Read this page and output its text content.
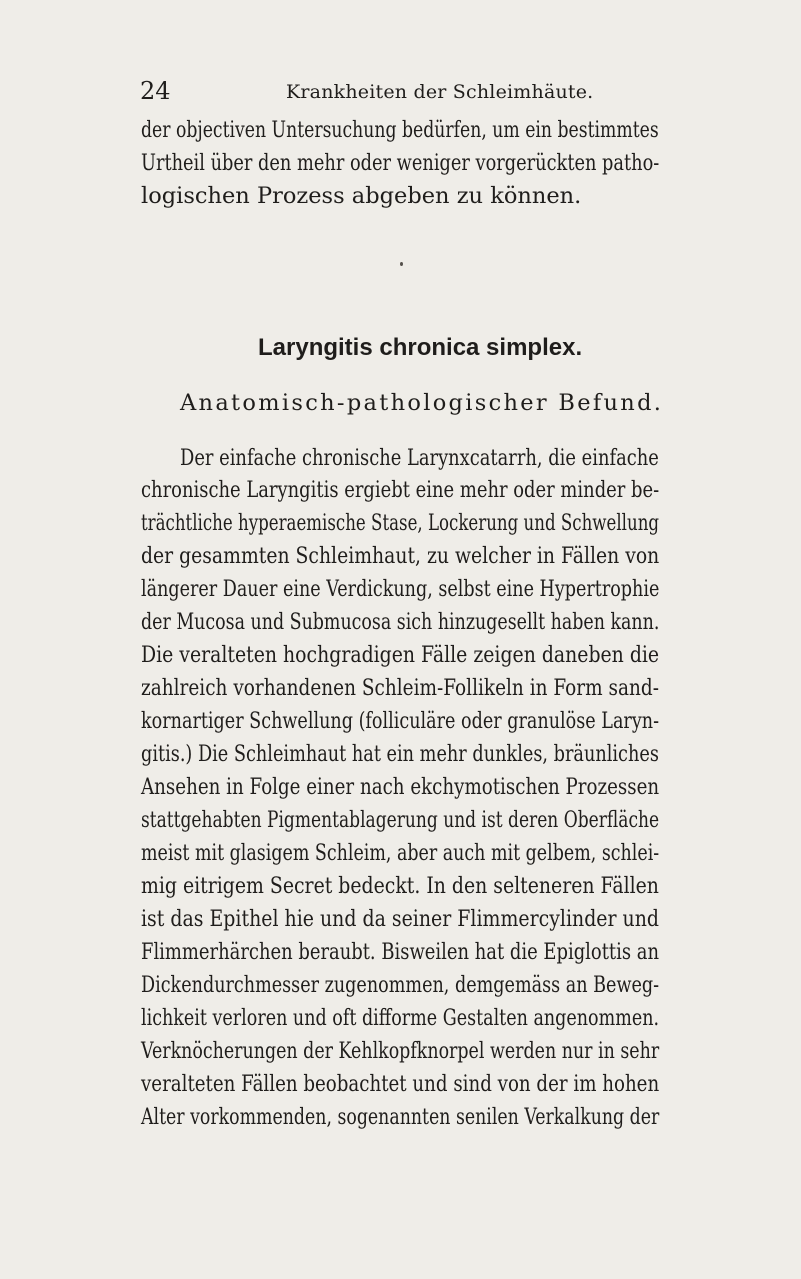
24	Krankheiten der Schleimhäute.
der objectiven Untersuchung bedürfen, um ein bestimmtes
Urtheil über den mehr oder weniger vorgerückten patho-
logischen Prozess abgeben zu können.
Laryngitis chronica simplex.
Anatomisch-pathologischer Befund.
Der einfache chronische Larynxcatarrh, die einfache
chronische Laryngitis ergiebt eine mehr oder minder be-
trächtliche hyperaemische Stase, Lockerung und Schwellung
der gesammten Schleimhaut, zu welcher in Fällen von
längerer Dauer eine Verdickung, selbst eine Hypertrophie
der Mucosa und Submucosa sich hinzugesellt haben kann.
Die veralteten hochgradigen Fälle zeigen daneben die
zahlreich vorhandenen Schleim-Follikeln in Form sand-
kornartiger Schwellung (folliculäre oder granulöse Laryn-
gitis.) Die Schleimhaut hat ein mehr dunkles, bräunliches
Ansehen in Folge einer nach ekchymotischen Prozessen
stattgehabten Pigmentablagerung und ist deren Oberfläche
meist mit glasigem Schleim, aber auch mit gelbem, schlei-
mig eitrigem Secret bedeckt. In den selteneren Fällen
ist das Epithel hie und da seiner Flimmercylinder und
Flimmerhärchen beraubt. Bisweilen hat die Epiglottis an
Dickendurchmesser zugenommen, demgemäss an Beweg-
lichkeit verloren und oft difforme Gestalten angenommen.
Verknöcherungen der Kehlkopfknorpel werden nur in sehr
veralteten Fällen beobachtet und sind von der im hohen
Alter vorkommenden, sogenannten senilen Verkalkung der
